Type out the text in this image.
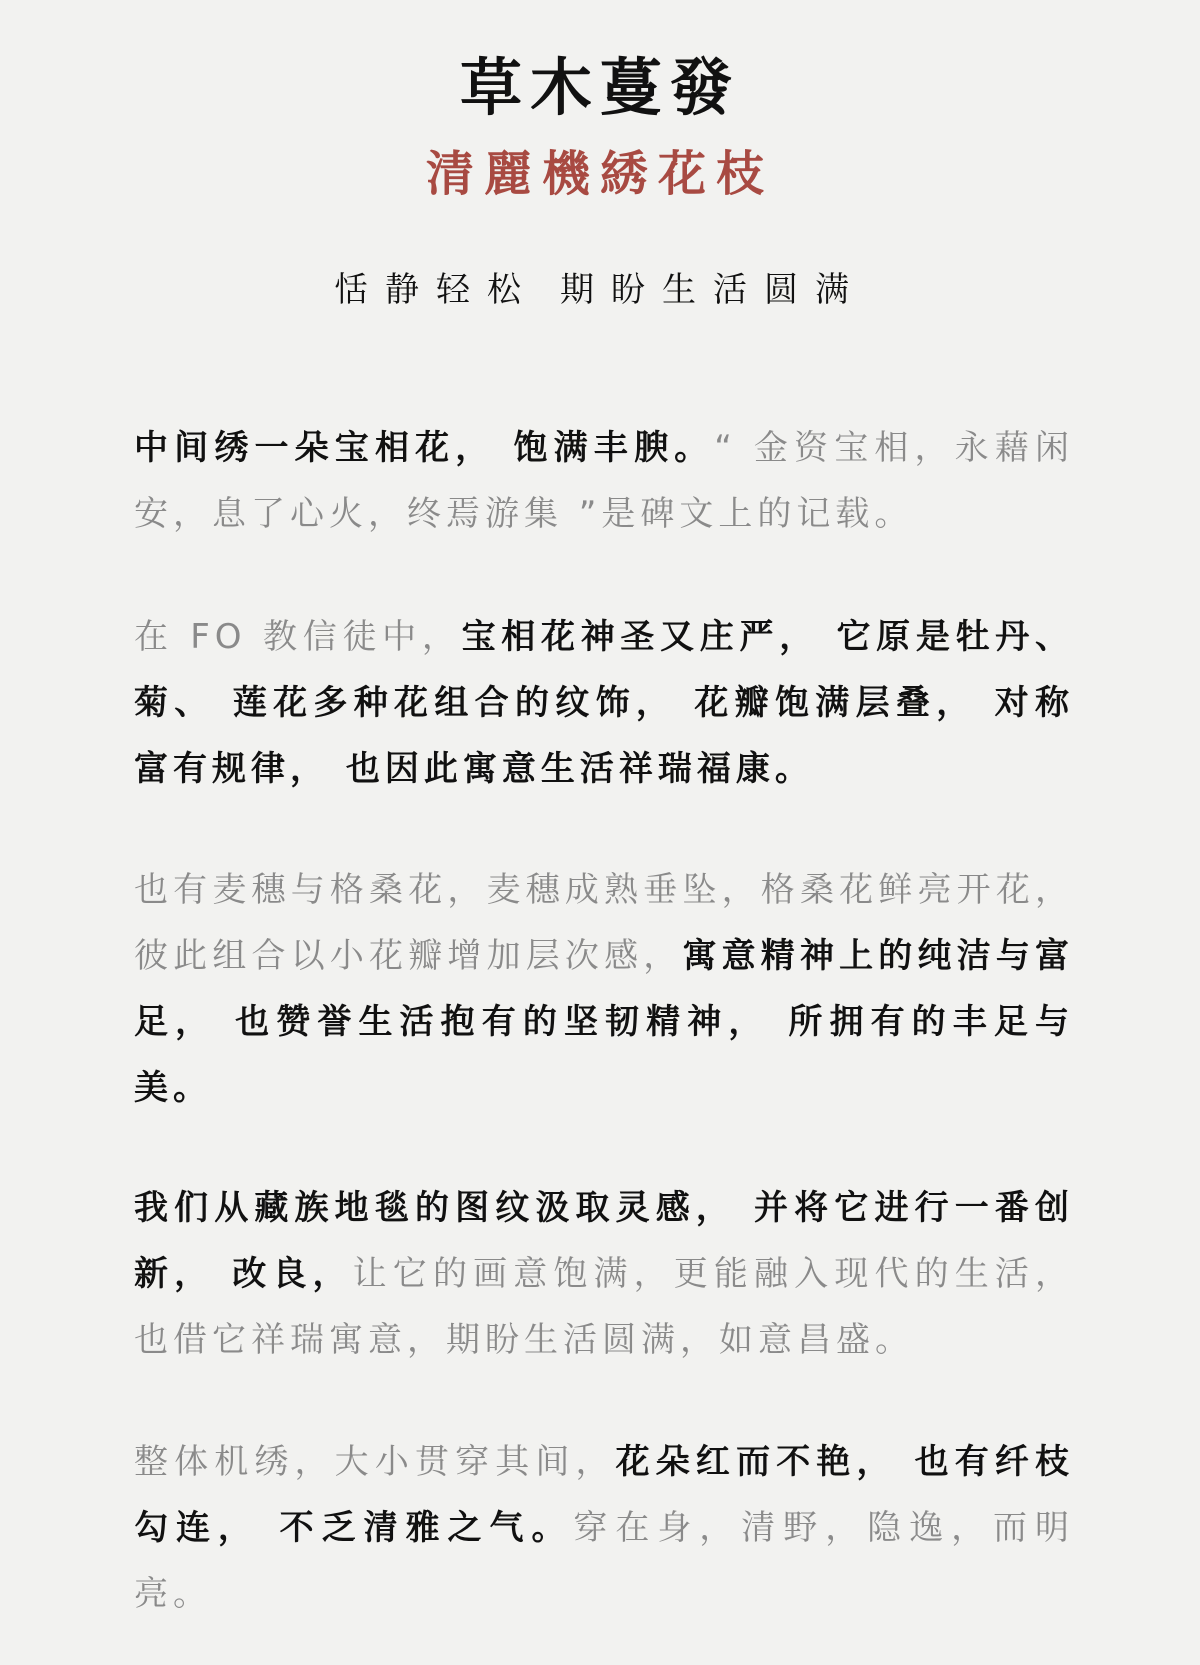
草木蔓發
清麗機綉花枝
恬静轻松 期盼生活圆满
中间绣一朵宝相花， 饱满丰腴。“ 金资宝相，永藉闲安，息了心火，终焉游集 ”是碑文上的记载。
在 FO 教信徒中，宝相花神圣又庄严， 它原是牡丹、菊、 莲花多种花组合的纹饰， 花瓣饱满层叠， 对称富有规律， 也因此寓意生活祥瑞福康。
也有麦穗与格桑花，麦穗成熟垂坠，格桑花鲜亮开花，彼此组合以小花瓣增加层次感，寓意精神上的纯洁与富足， 也赞誉生活抱有的坚韧精神， 所拥有的丰足与美。
我们从藏族地毯的图纹汲取灵感， 并将它进行一番创新， 改良，让它的画意饱满，更能融入现代的生活，也借它祥瑞寓意，期盼生活圆满，如意昌盛。
整体机绣，大小贯穿其间，花朵红而不艳， 也有纤枝勾连， 不乏清雅之气。穿在身，清野，隐逸，而明亮。
